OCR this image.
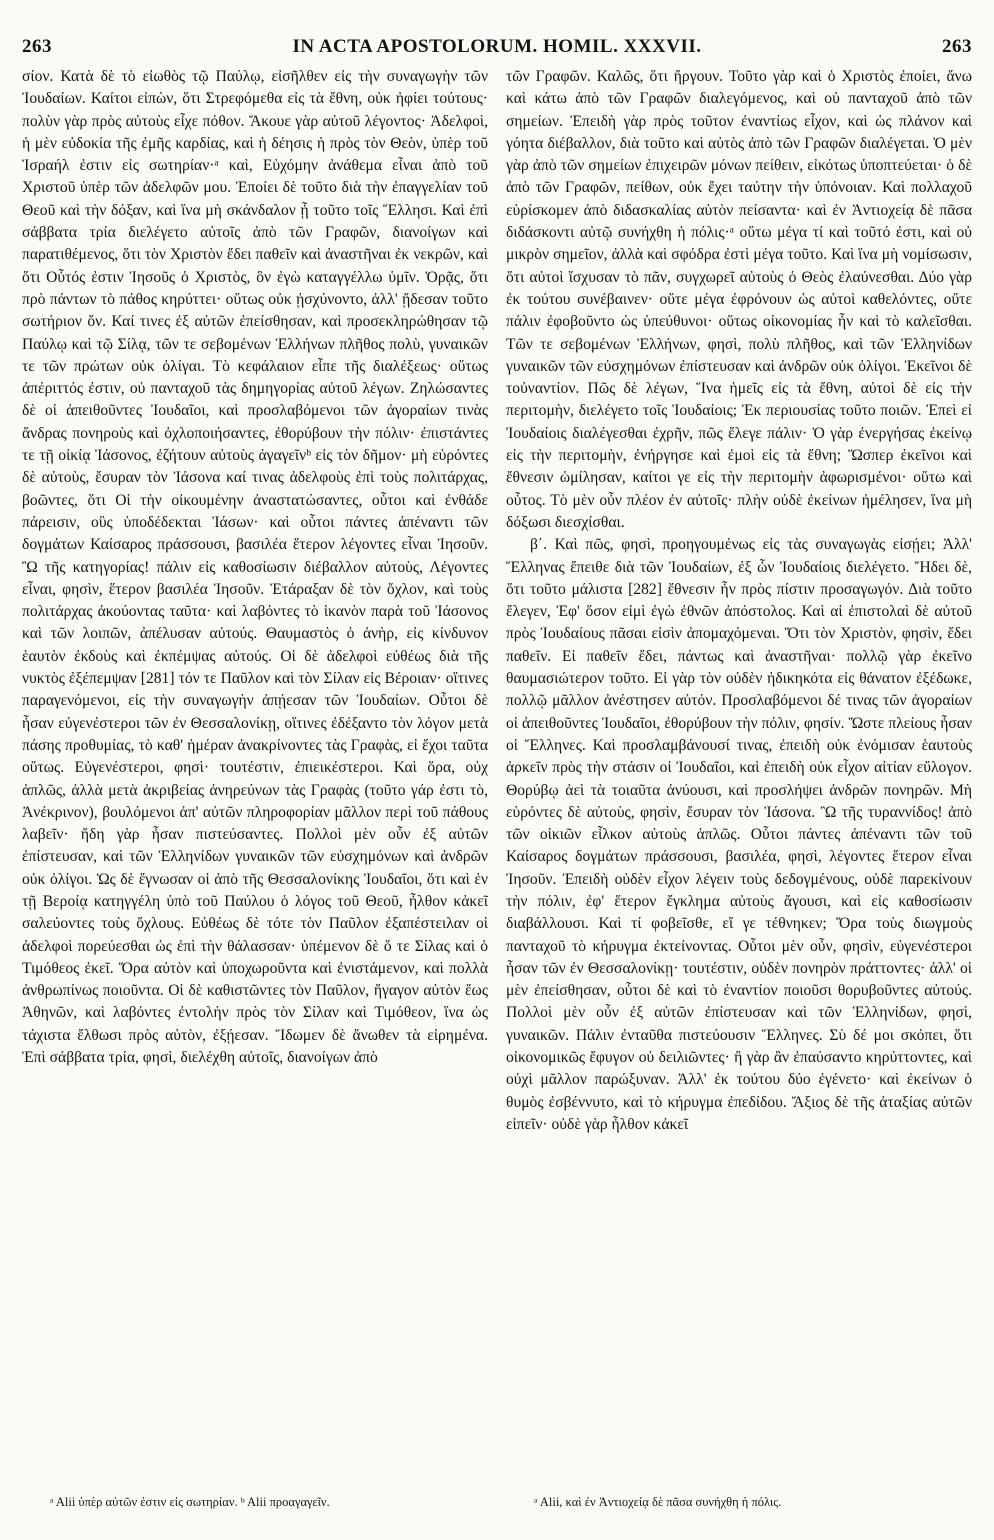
263	IN ACTA APOSTOLORUM. HOMIL. XXXVII.	263

σίον. Κατὰ δὲ τὸ εἰωθὸς τῷ Παύλῳ, εἰσῆλθεν εἰς τὴν συναγωγὴν τῶν Ἰουδαίων. Καίτοι εἰπὼν, ὅτι Στρεφόμεθα εἰς τὰ ἔθνη, οὐκ ἠφίει τούτους· πολὺν γὰρ πρὸς αὐτοὺς εἶχε πόθον. Ἄκουε γὰρ αὐτοῦ λέγοντος· Ἀδελφοὶ, ἡ μὲν εὐδοκία τῆς ἐμῆς καρδίας, καὶ ἡ δέησις ἡ πρὸς τὸν Θεὸν, ὑπὲρ τοῦ Ἰσραήλ ἐστιν εἰς σωτηρίαν·ᵃ καὶ, Εὐχόμην ἀνάθεμα εἶναι ἀπὸ τοῦ Χριστοῦ ὑπὲρ τῶν ἀδελφῶν μου. Ἐποίει δὲ τοῦτο διὰ τὴν ἐπαγγελίαν τοῦ Θεοῦ καὶ τὴν δόξαν, καὶ ἵνα μὴ σκάνδαλον ᾖ τοῦτο τοῖς Ἕλλησι. Καὶ ἐπὶ σάββατα τρία διελέγετο αὐτοῖς ἀπὸ τῶν Γραφῶν, διανοίγων καὶ παρατιθέμενος, ὅτι τὸν Χριστὸν ἔδει παθεῖν καὶ ἀναστῆναι ἐκ νεκρῶν, καὶ ὅτι Οὗτός ἐστιν Ἰησοῦς ὁ Χριστὸς, ὃν ἐγὼ καταγγέλλω ὑμῖν. Ὁρᾷς, ὅτι πρὸ πάντων τὸ πάθος κηρύττει· οὕτως οὐκ ᾐσχύνοντο, ἀλλ' ᾔδεσαν τοῦτο σωτήριον ὄν. Καί τινες ἐξ αὐτῶν ἐπείσθησαν, καὶ προσεκληρώθησαν τῷ Παύλῳ καὶ τῷ Σίλᾳ, τῶν τε σεβομένων Ἑλλήνων πλῆθος πολὺ, γυναικῶν τε τῶν πρώτων οὐκ ὀλίγαι. Τὸ κεφάλαιον εἶπε τῆς διαλέξεως· οὕτως ἀπέριττός ἐστιν, οὐ πανταχοῦ τὰς δημηγορίας αὐτοῦ λέγων. Ζηλώσαντες δὲ οἱ ἀπειθοῦντες Ἰουδαῖοι, καὶ προσλαβόμενοι τῶν ἀγοραίων τινὰς ἄνδρας πονηροὺς καὶ ὀχλοποιήσαντες, ἐθορύβουν τὴν πόλιν· ἐπιστάντες τε τῇ οἰκίᾳ Ἰάσονος, ἐζήτουν αὐτοὺς ἀγαγεῖνᵇ εἰς τὸν δῆμον· μὴ εὑρόντες δὲ αὐτοὺς, ἔσυραν τὸν Ἰάσονα καί τινας ἀδελφοὺς ἐπὶ τοὺς πολιτάρχας, βοῶντες, ὅτι Οἱ τὴν οἰκουμένην ἀναστατώσαντες, οὗτοι καὶ ἐνθάδε πάρεισιν, οὓς ὑποδέδεκται Ἰάσων· καὶ οὗτοι πάντες ἀπέναντι τῶν δογμάτων Καίσαρος πράσσουσι, βασιλέα ἕτερον λέγοντες εἶναι Ἰησοῦν. Ὢ τῆς κατηγορίας! πάλιν εἰς καθοσίωσιν διέβαλλον αὐτοὺς, Λέγοντες εἶναι, φησὶν, ἕτερον βασιλέα Ἰησοῦν. Ἐτάραξαν δὲ τὸν ὄχλον, καὶ τοὺς πολιτάρχας ἀκούοντας ταῦτα· καὶ λαβόντες τὸ ἱκανὸν παρὰ τοῦ Ἰάσονος καὶ τῶν λοιπῶν, ἀπέλυσαν αὐτούς. Θαυμαστὸς ὁ ἀνὴρ, εἰς κίνδυνον ἑαυτὸν ἐκδοὺς καὶ ἐκπέμψας αὐτούς. Οἱ δὲ ἀδελφοὶ εὐθέως διὰ τῆς νυκτὸς ἐξέπεμψαν [281] τόν τε Παῦλον καὶ τὸν Σίλαν εἰς Βέροιαν· οἵτινες παραγενόμενοι, εἰς τὴν συναγωγὴν ἀπῄεσαν τῶν Ἰουδαίων. Οὗτοι δὲ ἦσαν εὐγενέστεροι τῶν ἐν Θεσσαλονίκῃ, οἵτινες ἐδέξαντο τὸν λόγον μετὰ πάσης προθυμίας, τὸ καθ' ἡμέραν ἀνακρίνοντες τὰς Γραφὰς, εἰ ἔχοι ταῦτα οὕτως. Εὐγενέστεροι, φησὶ· τουτέστιν, ἐπιεικέστεροι. Καὶ ὅρα, οὐχ ἁπλῶς, ἀλλὰ μετὰ ἀκριβείας ἀνηρεύνων τὰς Γραφὰς (τοῦτο γάρ ἐστι τὸ, Ἀνέκρινον), βουλόμενοι ἀπ' αὐτῶν πληροφορίαν μᾶλλον περὶ τοῦ πάθους λαβεῖν· ἤδη γὰρ ἦσαν πιστεύσαντες. Πολλοὶ μὲν οὖν ἐξ αὐτῶν ἐπίστευσαν, καὶ τῶν Ἑλληνίδων γυναικῶν τῶν εὐσχημόνων καὶ ἀνδρῶν οὐκ ὀλίγοι. Ὡς δὲ ἔγνωσαν οἱ ἀπὸ τῆς Θεσσαλονίκης Ἰουδαῖοι, ὅτι καὶ ἐν τῇ Βεροίᾳ κατηγγέλη ὑπὸ τοῦ Παύλου ὁ λόγος τοῦ Θεοῦ, ἦλθον κἀκεῖ σαλεύοντες τοὺς ὄχλους. Εὐθέως δὲ τότε τὸν Παῦλον ἐξαπέστειλαν οἱ ἀδελφοὶ πορεύεσθαι ὡς ἐπὶ τὴν θάλασσαν· ὑπέμενον δὲ ὅ τε Σίλας καὶ ὁ Τιμόθεος ἐκεῖ. Ὅρα αὐτὸν καὶ ὑποχωροῦντα καὶ ἐνιστάμενον, καὶ πολλὰ ἀνθρωπίνως ποιοῦντα. Οἱ δὲ καθιστῶντες τὸν Παῦλον, ἤγαγον αὐτὸν ἕως Ἀθηνῶν, καὶ λαβόντες ἐντολὴν πρὸς τὸν Σίλαν καὶ Τιμόθεον, ἵνα ὡς τάχιστα ἔλθωσι πρὸς αὐτὸν, ἐξῄεσαν. Ἴδωμεν δὲ ἄνωθεν τὰ εἰρημένα. Ἐπὶ σάββατα τρία, φησὶ, διελέχθη αὐτοῖς, διανοίγων ἀπὸ

τῶν Γραφῶν. Καλῶς, ὅτι ἤργουν. Τοῦτο γὰρ καὶ ὁ Χριστὸς ἐποίει, ἄνω καὶ κάτω ἀπὸ τῶν Γραφῶν διαλεγόμενος, καὶ οὐ πανταχοῦ ἀπὸ τῶν σημείων. Ἐπειδὴ γὰρ πρὸς τοῦτον ἐναντίως εἶχον, καὶ ὡς πλάνον καὶ γόητα διέβαλλον, διὰ τοῦτο καὶ αὐτὸς ἀπὸ τῶν Γραφῶν διαλέγεται. Ὁ μὲν γὰρ ἀπὸ τῶν σημείων ἐπιχειρῶν μόνων πείθειν, εἰκότως ὑποπτεύεται· ὁ δὲ ἀπὸ τῶν Γραφῶν, πείθων, οὐκ ἔχει ταύτην τὴν ὑπόνοιαν. Καὶ πολλαχοῦ εὑρίσκομεν ἀπὸ διδασκαλίας αὐτὸν πείσαντα· καὶ ἐν Ἀντιοχείᾳ δὲ πᾶσα διδάσκοντι αὐτῷ συνήχθη ἡ πόλις·ᵃ οὕτω μέγα τί καὶ τοῦτό ἐστι, καὶ οὐ μικρὸν σημεῖον, ἀλλὰ καὶ σφόδρα ἐστὶ μέγα τοῦτο. Καὶ ἵνα μὴ νομίσωσιν, ὅτι αὐτοὶ ἴσχυσαν τὸ πᾶν, συγχωρεῖ αὐτοὺς ὁ Θεὸς ἐλαύνεσθαι. Δύο γὰρ ἐκ τούτου συνέβαινεν· οὔτε μέγα ἐφρόνουν ὡς αὐτοὶ καθελόντες, οὔτε πάλιν ἐφοβοῦντο ὡς ὑπεύθυνοι· οὕτως οἰκονομίας ἦν καὶ τὸ καλεῖσθαι. Τῶν τε σεβομένων Ἑλλήνων, φησὶ, πολὺ πλῆθος, καὶ τῶν Ἑλληνίδων γυναικῶν τῶν εὐσχημόνων ἐπίστευσαν καὶ ἀνδρῶν οὐκ ὀλίγοι. Ἐκεῖνοι δὲ τοὐναντίον. Πῶς δὲ λέγων, Ἵνα ἡμεῖς εἰς τὰ ἔθνη, αὐτοὶ δὲ εἰς τὴν περιτομὴν, διελέγετο τοῖς Ἰουδαίοις; Ἐκ περιουσίας τοῦτο ποιῶν. Ἐπεὶ εἰ Ἰουδαίοις διαλέγεσθαι ἐχρῆν, πῶς ἔλεγε πάλιν· Ὁ γὰρ ἐνεργήσας ἐκείνῳ εἰς τὴν περιτομὴν, ἐνήργησε καὶ ἐμοὶ εἰς τὰ ἔθνη; Ὥσπερ ἐκεῖνοι καὶ ἔθνεσιν ὡμίλησαν, καίτοι γε εἰς τὴν περιτομὴν ἀφωρισμένοι· οὕτω καὶ οὗτος. Τὸ μὲν οὖν πλέον ἐν αὐτοῖς· πλὴν οὐδὲ ἐκείνων ἠμέλησεν, ἵνα μὴ δόξωσι διεσχίσθαι.

β΄. Καὶ πῶς, φησὶ, προηγουμένως εἰς τὰς συναγωγὰς εἰσῄει; Ἀλλ' Ἕλληνας ἔπειθε διὰ τῶν Ἰουδαίων, ἐξ ὧν Ἰουδαίοις διελέγετο. Ἤδει δὲ, ὅτι τοῦτο μάλιστα [282] ἔθνεσιν ἦν πρὸς πίστιν προσαγωγόν. Διὰ τοῦτο ἔλεγεν, Ἐφ' ὅσον εἰμὶ ἐγὼ ἐθνῶν ἀπόστολος. Καὶ αἱ ἐπιστολαὶ δὲ αὐτοῦ πρὸς Ἰουδαίους πᾶσαι εἰσὶν ἀπομαχόμεναι. Ὅτι τὸν Χριστὸν, φησὶν, ἔδει παθεῖν. Εἰ παθεῖν ἔδει, πάντως καὶ ἀναστῆναι· πολλῷ γὰρ ἐκεῖνο θαυμασιώτερον τοῦτο. Εἰ γὰρ τὸν οὐδὲν ἠδικηκότα εἰς θάνατον ἐξέδωκε, πολλῷ μᾶλλον ἀνέστησεν αὐτόν. Προσλαβόμενοι δέ τινας τῶν ἀγοραίων οἱ ἀπειθοῦντες Ἰουδαῖοι, ἐθορύβουν τὴν πόλιν, φησίν. Ὥστε πλείους ἦσαν οἱ Ἕλληνες. Καὶ προσλαμβάνουσί τινας, ἐπειδὴ οὐκ ἐνόμισαν ἑαυτοὺς ἀρκεῖν πρὸς τὴν στάσιν οἱ Ἰουδαῖοι, καὶ ἐπειδὴ οὐκ εἶχον αἰτίαν εὔλογον. Θορύβῳ ἀεὶ τὰ τοιαῦτα ἀνύουσι, καὶ προσλήψει ἀνδρῶν πονηρῶν. Μὴ εὑρόντες δὲ αὐτοὺς, φησὶν, ἔσυραν τὸν Ἰάσονα. Ὢ τῆς τυραννίδος! ἀπὸ τῶν οἰκιῶν εἷλκον αὐτοὺς ἁπλῶς. Οὗτοι πάντες ἀπέναντι τῶν τοῦ Καίσαρος δογμάτων πράσσουσι, βασιλέα, φησὶ, λέγοντες ἕτερον εἶναι Ἰησοῦν. Ἐπειδὴ οὐδὲν εἶχον λέγειν τοὺς δεδογμένους, οὐδὲ παρεκίνουν τὴν πόλιν, ἐφ' ἕτερον ἔγκλημα αὐτοὺς ἄγουσι, καὶ εἰς καθοσίωσιν διαβάλλουσι. Καὶ τί φοβεῖσθε, εἴ γε τέθνηκεν; Ὅρα τοὺς διωγμοὺς πανταχοῦ τὸ κήρυγμα ἐκτείνοντας. Οὗτοι μὲν οὖν, φησὶν, εὐγενέστεροι ἦσαν τῶν ἐν Θεσσαλονίκῃ· τουτέστιν, οὐδὲν πονηρὸν πράττοντες· ἀλλ' οἱ μὲν ἐπείσθησαν, οὗτοι δὲ καὶ τὸ ἐναντίον ποιοῦσι θορυβοῦντες αὐτούς. Πολλοὶ μὲν οὖν ἐξ αὐτῶν ἐπίστευσαν καὶ τῶν Ἑλληνίδων, φησὶ, γυναικῶν. Πάλιν ἐνταῦθα πιστεύουσιν Ἕλληνες. Σὺ δέ μοι σκόπει, ὅτι οἰκονομικῶς ἔφυγον οὐ δειλιῶντες· ἢ γὰρ ἂν ἐπαύσαντο κηρύττοντες, καὶ οὐχὶ μᾶλλον παρώξυναν. Ἀλλ' ἐκ τούτου δύο ἐγένετο· καὶ ἐκείνων ὁ θυμὸς ἐσβέννυτο, καὶ τὸ κήρυγμα ἐπεδίδου. Ἄξιος δὲ τῆς ἀταξίας αὐτῶν εἰπεῖν· οὐδὲ γὰρ ἦλθον κἀκεῖ

ᵃ Alii ὑπὲρ αὐτῶν ἐστιν εἰς σωτηρίαν. ᵇ Alii προαγαγεῖν.	ᵃ Alii, καὶ ἐν Ἀντιοχείᾳ δὲ πᾶσα συνήχθη ἡ πόλις.
